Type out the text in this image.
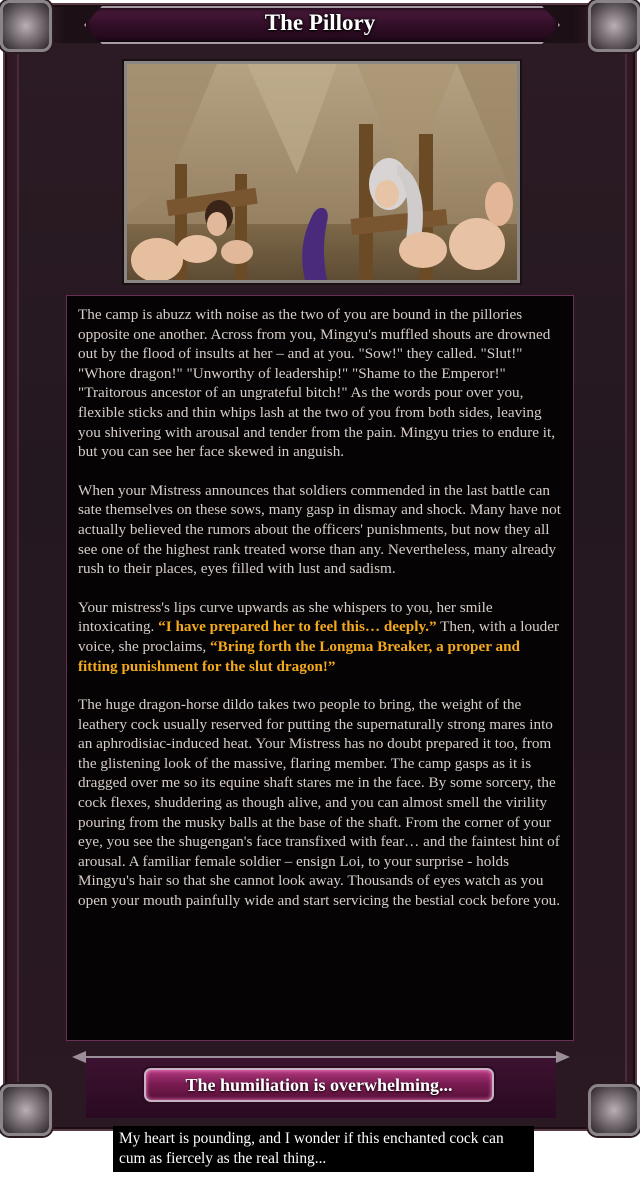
The Pillory

The camp is abuzz with noise as the two of you are bound in the pillories opposite one another. Across from you, Mingyu's muffled shouts are drowned out by the flood of insults at her – and at you. "Sow!" they called. "Slut!" "Whore dragon!" "Unworthy of leadership!" "Shame to the Emperor!" "Traitorous ancestor of an ungrateful bitch!" As the words pour over you, flexible sticks and thin whips lash at the two of you from both sides, leaving you shivering with arousal and tender from the pain. Mingyu tries to endure it, but you can see her face skewed in anguish.

When your Mistress announces that soldiers commended in the last battle can sate themselves on these sows, many gasp in dismay and shock. Many have not actually believed the rumors about the officers' punishments, but now they all see one of the highest rank treated worse than any. Nevertheless, many already rush to their places, eyes filled with lust and sadism.

Your mistress's lips curve upwards as she whispers to you, her smile intoxicating. “I have prepared her to feel this… deeply.” Then, with a louder voice, she proclaims, “Bring forth the Longma Breaker, a proper and fitting punishment for the slut dragon!”

The huge dragon-horse dildo takes two people to bring, the weight of the leathery cock usually reserved for putting the supernaturally strong mares into an aphrodisiac-induced heat. Your Mistress has no doubt prepared it too, from the glistening look of the massive, flaring member. The camp gasps as it is dragged over me so its equine shaft stares me in the face. By some sorcery, the cock flexes, shuddering as though alive, and you can almost smell the virility pouring from the musky balls at the base of the shaft. From the corner of your eye, you see the shugengan's face transfixed with fear… and the faintest hint of arousal. A familiar female soldier – ensign Loi, to your surprise - holds Mingyu's hair so that she cannot look away. Thousands of eyes watch as you open your mouth painfully wide and start servicing the bestial cock before you.

The humiliation is overwhelming...
My heart is pounding, and I wonder if this enchanted cock can cum as fiercely as the real thing...
